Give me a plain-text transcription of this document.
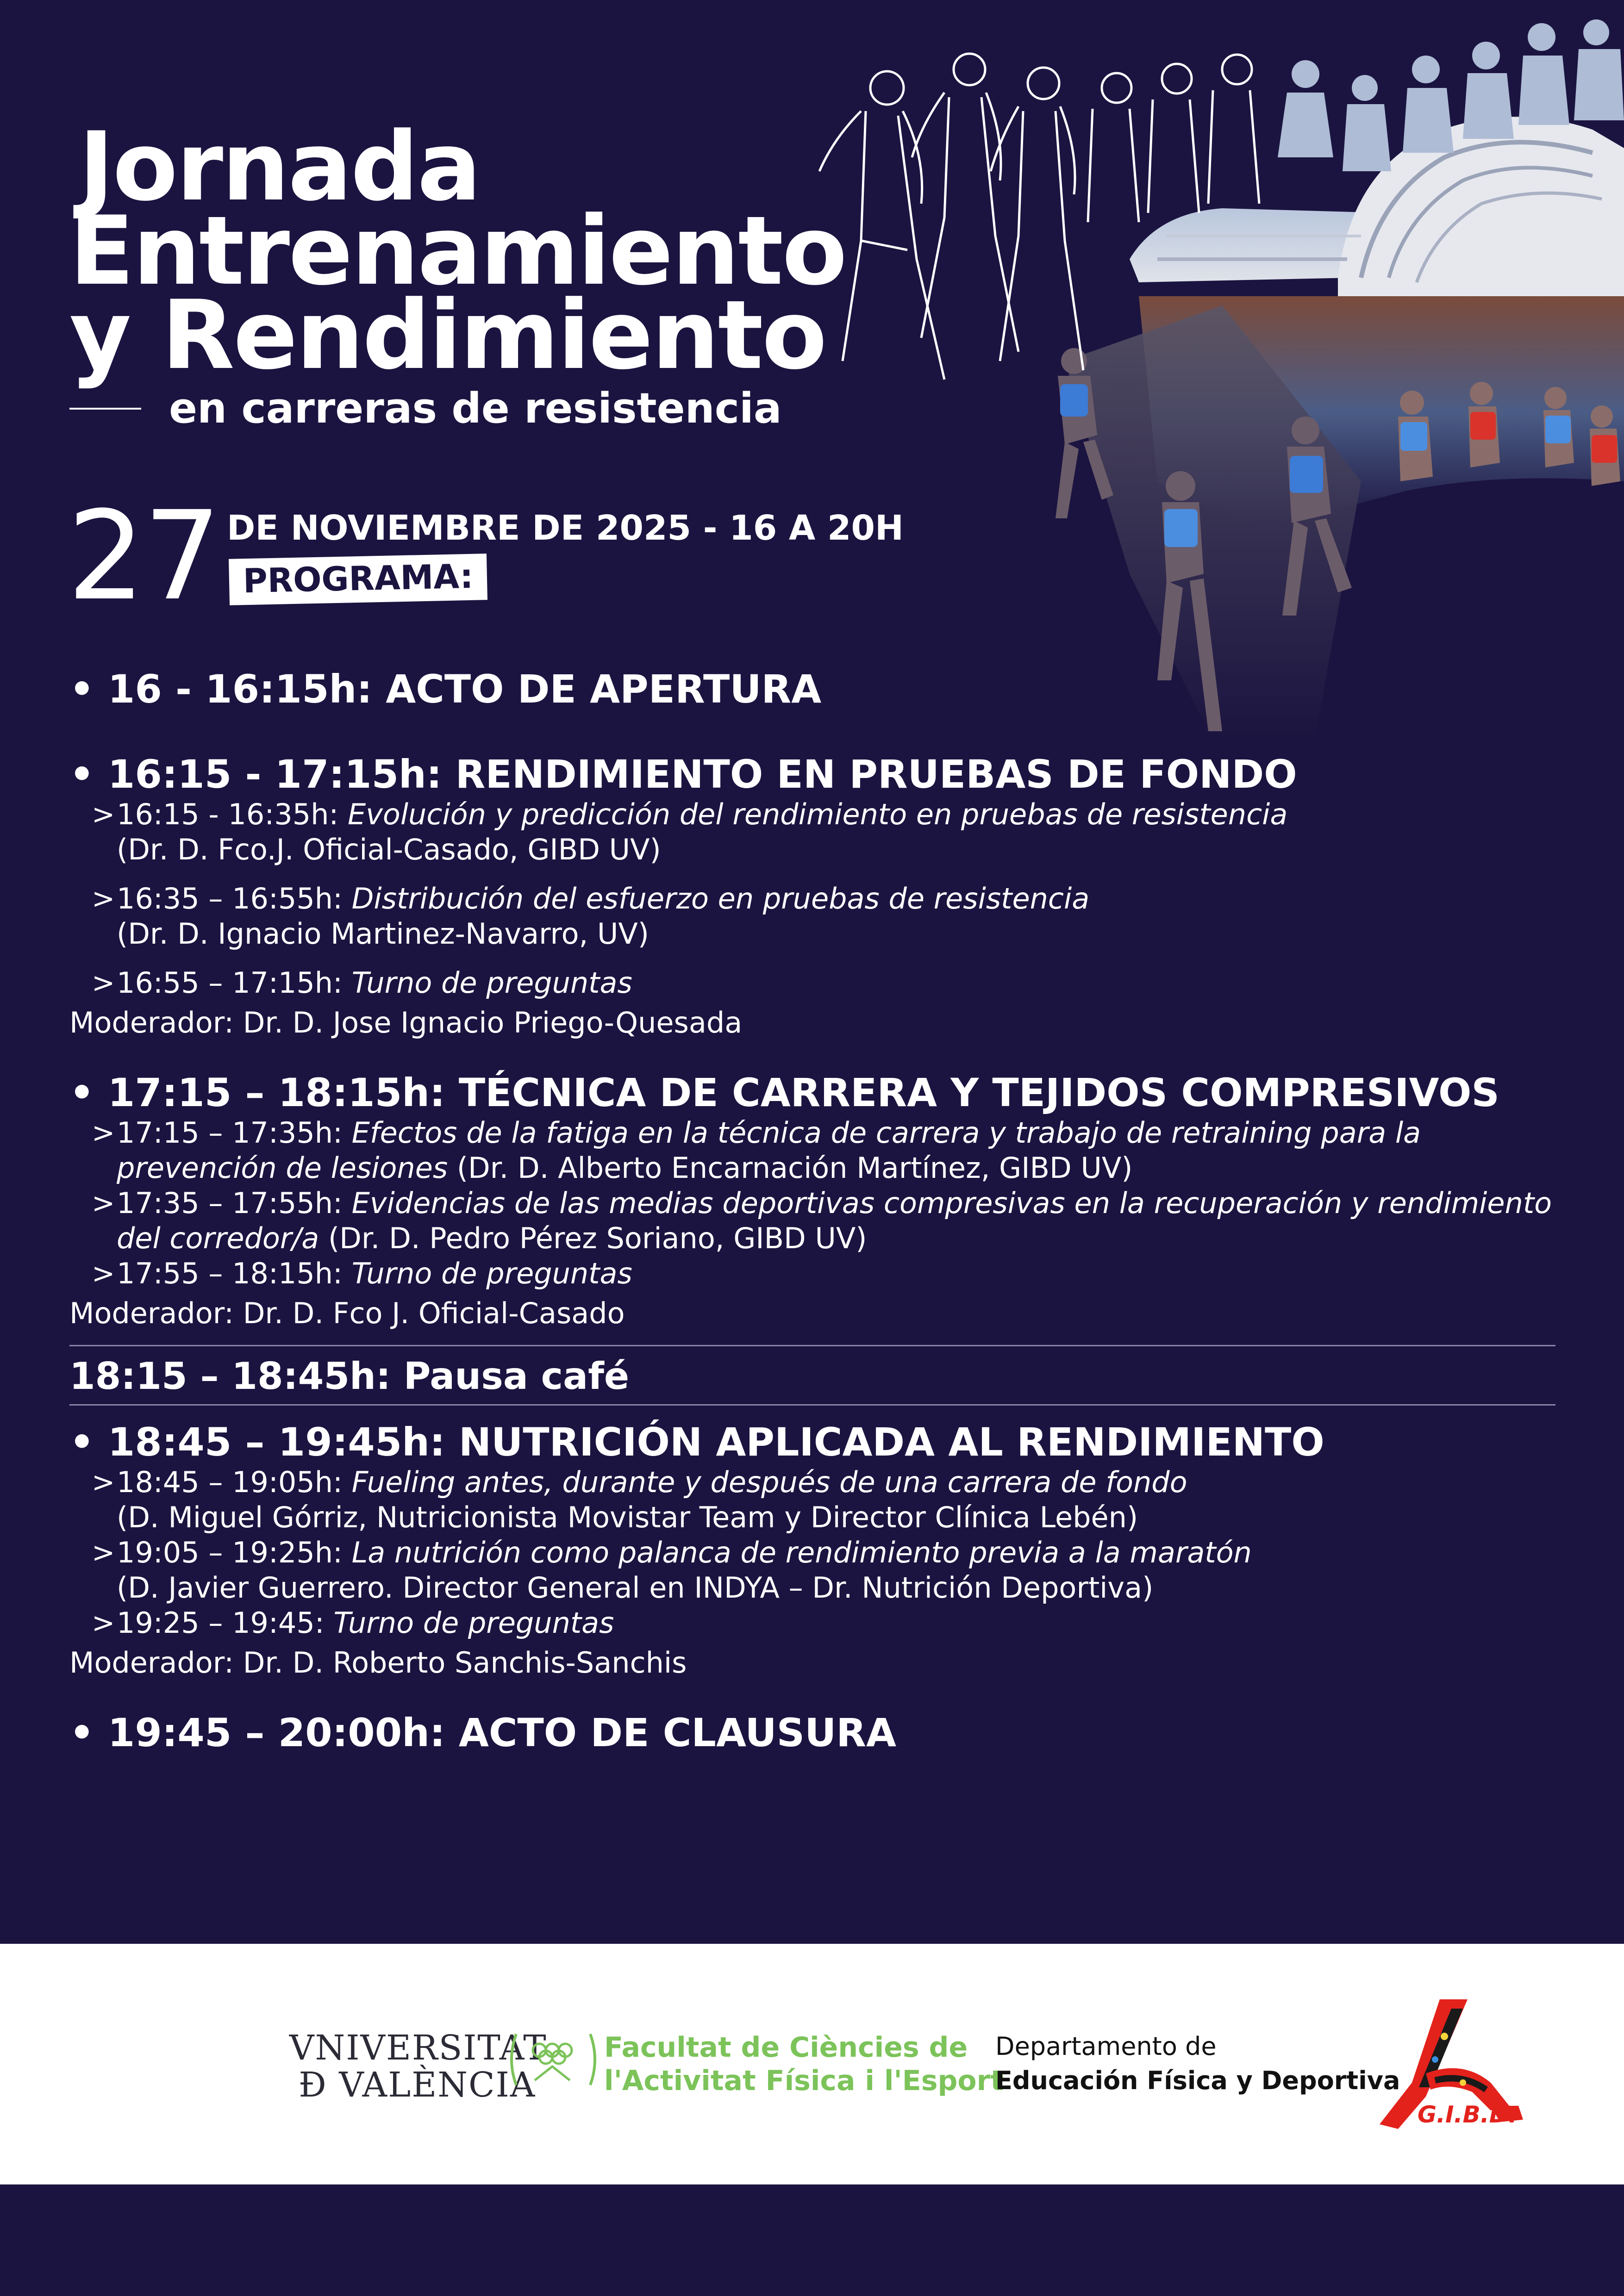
Jornada
Entrenamiento
y Rendimiento
en carreras de resistencia
27 DE NOVIEMBRE DE 2025 - 16 A 20H
PROGRAMA:

• 16 - 16:15h: ACTO DE APERTURA

• 16:15 - 17:15h: RENDIMIENTO EN PRUEBAS DE FONDO

> 16:15 - 16:35h: Evolución y predicción del rendimiento en pruebas de resistencia
(Dr. D. Fco.J. Oficial-Casado, GIBD UV)
> 16:35 – 16:55h: Distribución del esfuerzo en pruebas de resistencia
(Dr. D. Ignacio Martinez-Navarro, UV)
> 16:55 – 17:15h: Turno de preguntas
Moderador: Dr. D. Jose Ignacio Priego-Quesada

• 17:15 – 18:15h: TÉCNICA DE CARRERA Y TEJIDOS COMPRESIVOS

> 17:15 – 17:35h: Efectos de la fatiga en la técnica de carrera y trabajo de retraining para la
prevención de lesiones (Dr. D. Alberto Encarnación Martínez, GIBD UV)
> 17:35 – 17:55h: Evidencias de las medias deportivas compresivas en la recuperación y rendimiento
del corredor/a (Dr. D. Pedro Pérez Soriano, GIBD UV)
> 17:55 – 18:15h: Turno de preguntas
Moderador: Dr. D. Fco J. Oficial-Casado
18:15 – 18:45h: Pausa café

• 18:45 – 19:45h: NUTRICIÓN APLICADA AL RENDIMIENTO

> 18:45 – 19:05h: Fueling antes, durante y después de una carrera de fondo
(D. Miguel Górriz, Nutricionista Movistar Team y Director Clínica Lebén)
> 19:05 – 19:25h: La nutrición como palanca de rendimiento previa a la maratón
(D. Javier Guerrero. Director General en INDYA – Dr. Nutrición Deportiva)
> 19:25 – 19:45: Turno de preguntas
Moderador: Dr. D. Roberto Sanchis-Sanchis

• 19:45 – 20:00h: ACTO DE CLAUSURA

VNIVERSITAT
Ð VALÈNCIA
Facultat de Ciències de
l'Activitat Física i l'Esport
Departamento de
Educación Física y Deportiva
G.I.B.D.
